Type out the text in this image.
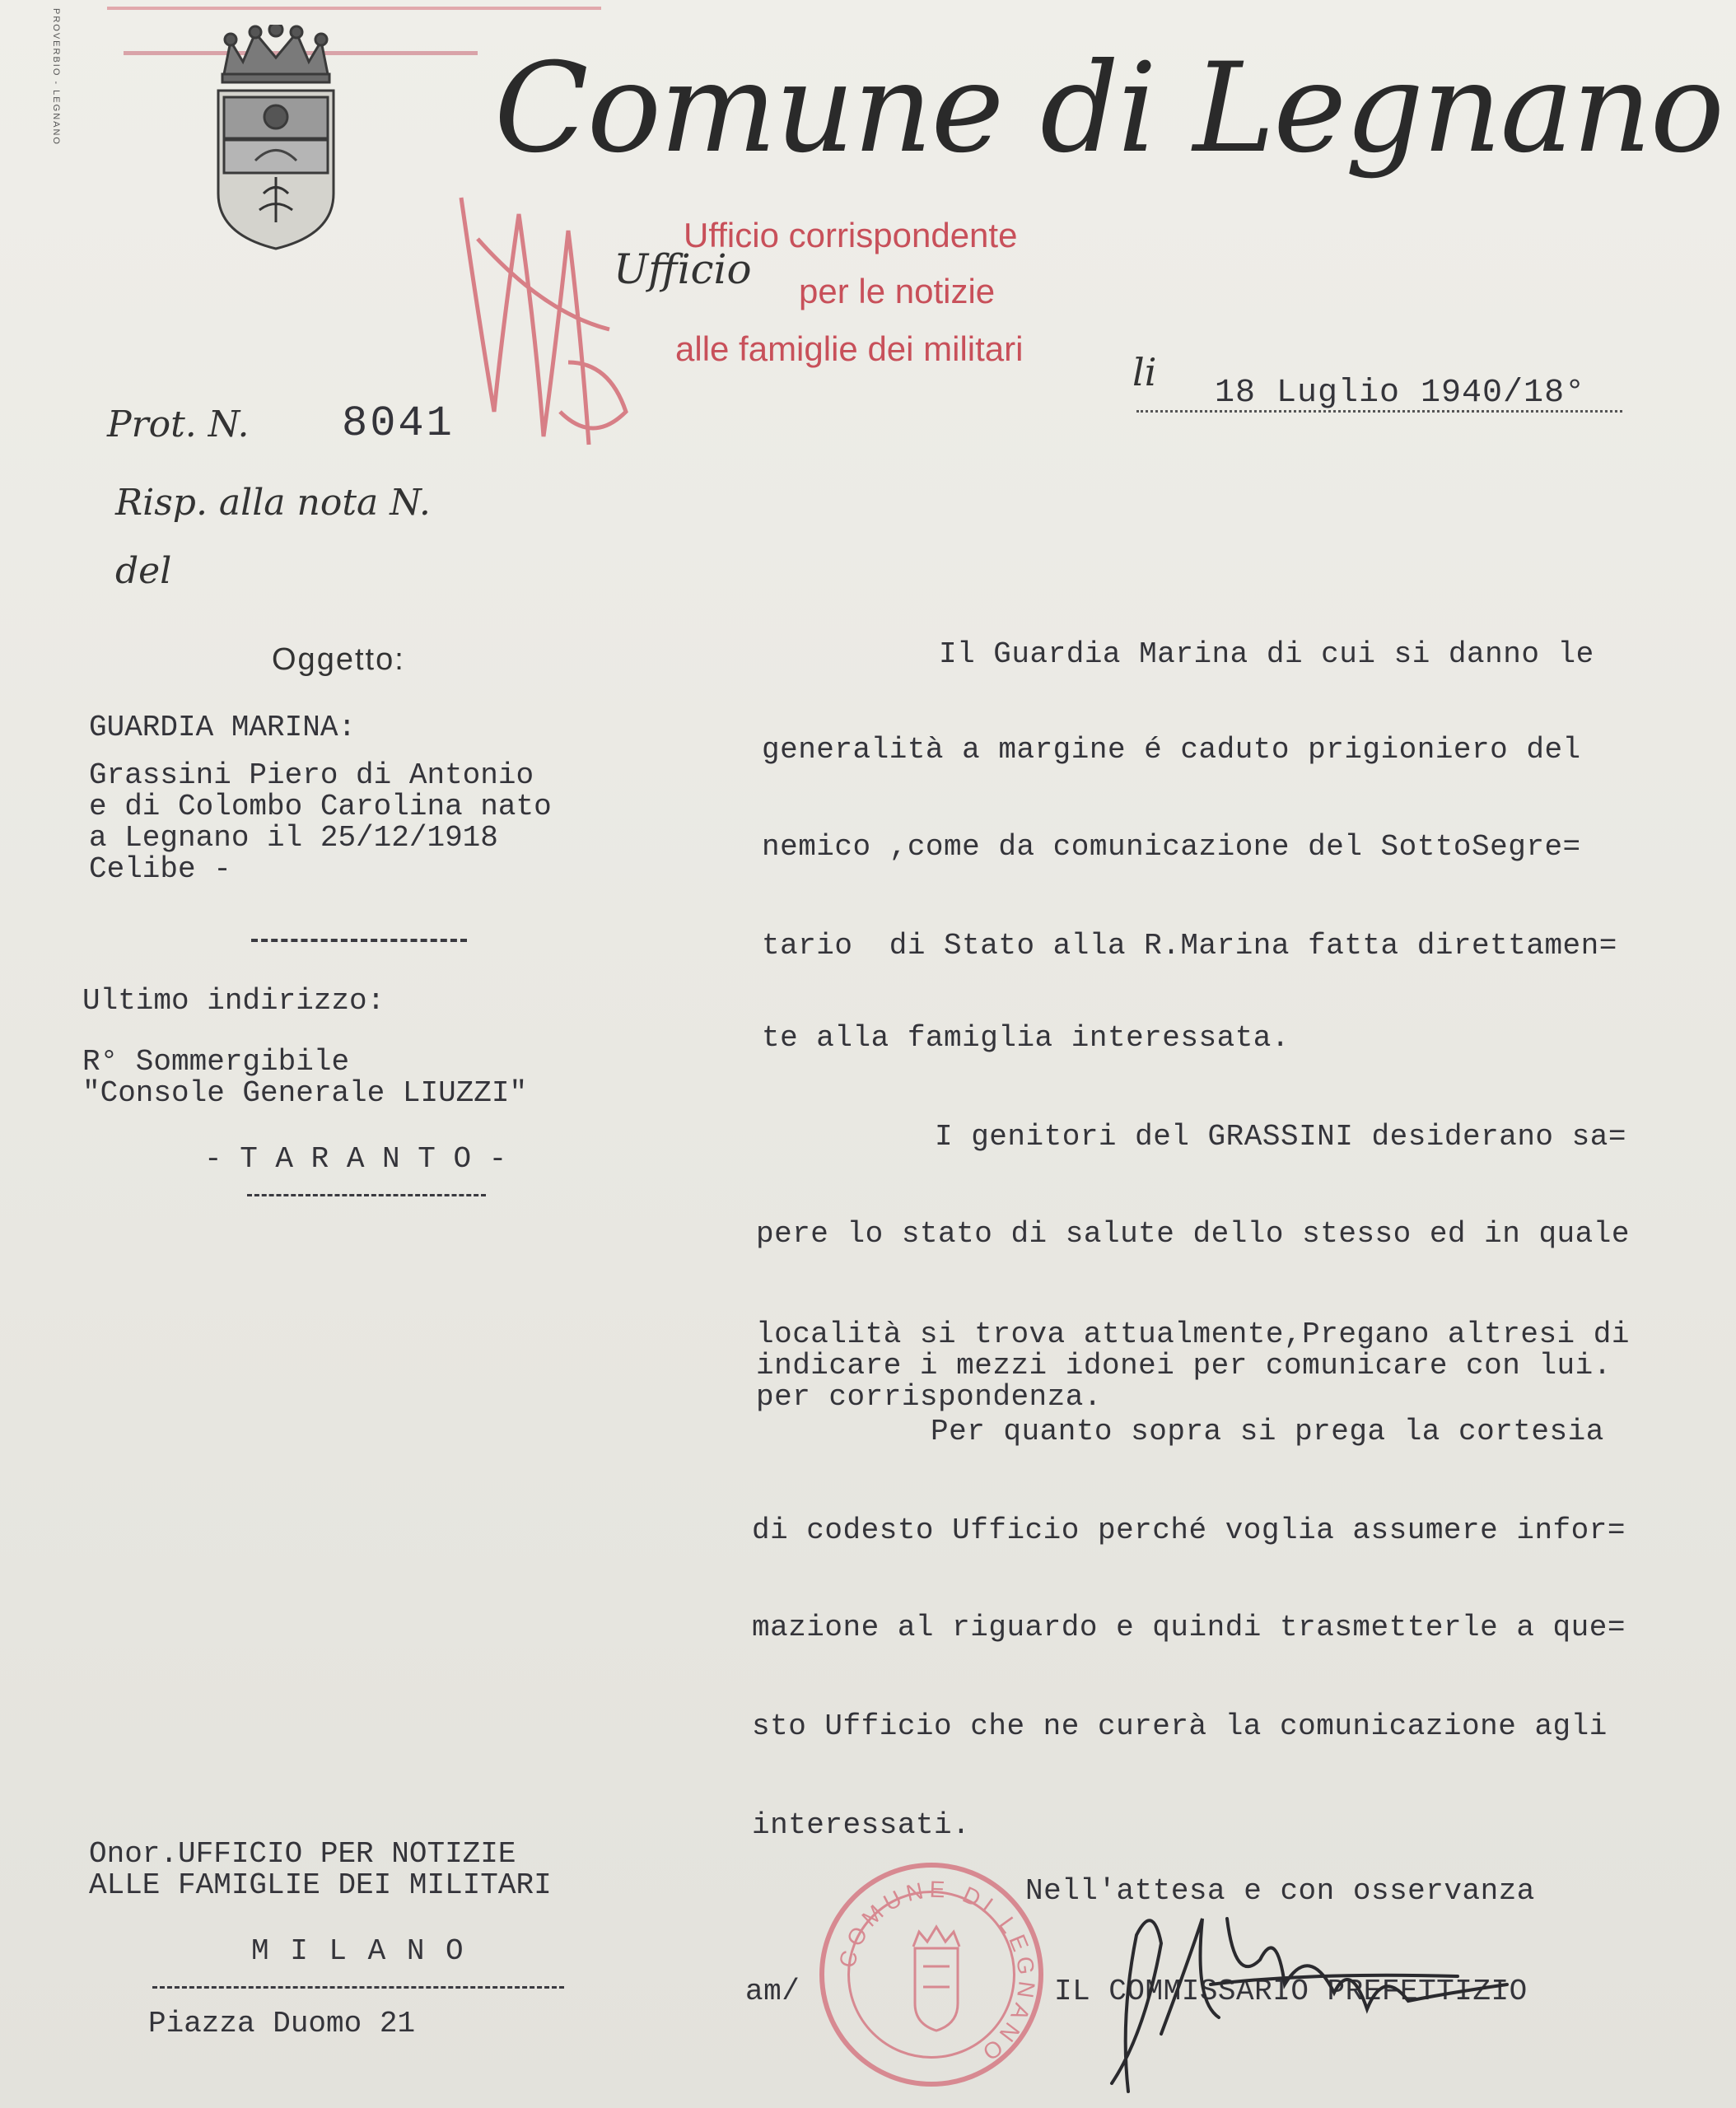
PROVERBIO - LEGNANO	Comune di Legnano
Ufficio corrispondente
Ufficio per le notizie
alle famiglie dei militari
li 18 Luglio 1940/18°
Prot. N. 8041
Risp. alla nota N.
del
Oggetto:
GUARDIA MARINA:
Grassini Piero di Antonio
e di Colombo Carolina nato
a Legnano il 25/12/1918
Celibe -
Ultimo indirizzo:
R° Sommergibile
"Console Generale LIUZZI"
- T A R A N T O -
Il Guardia Marina di cui si danno le
generalità a margine é caduto prigioniero del
nemico ,come da comunicazione del SottoSegre=
tario  di Stato alla R.Marina fatta direttamen=
te alla famiglia interessata.
I genitori del GRASSINI desiderano sa=
pere lo stato di salute dello stesso ed in quale
località si trova attualmente,Pregano altresi di
indicare i mezzi idonei per comunicare con lui.
per corrispondenza.
Per quanto sopra si prega la cortesia
di codesto Ufficio perché voglia assumere infor=
mazione al riguardo e quindi trasmetterle a que=
sto Ufficio che ne curerà la comunicazione agli
interessati.
Nell'attesa e con osservanza
am/	IL COMMISSARIO PREFETTIZIO
Onor.UFFICIO PER NOTIZIE
ALLE FAMIGLIE DEI MILITARI
M I L A N O
Piazza Duomo 21
COMUNE DI LEGNANO
